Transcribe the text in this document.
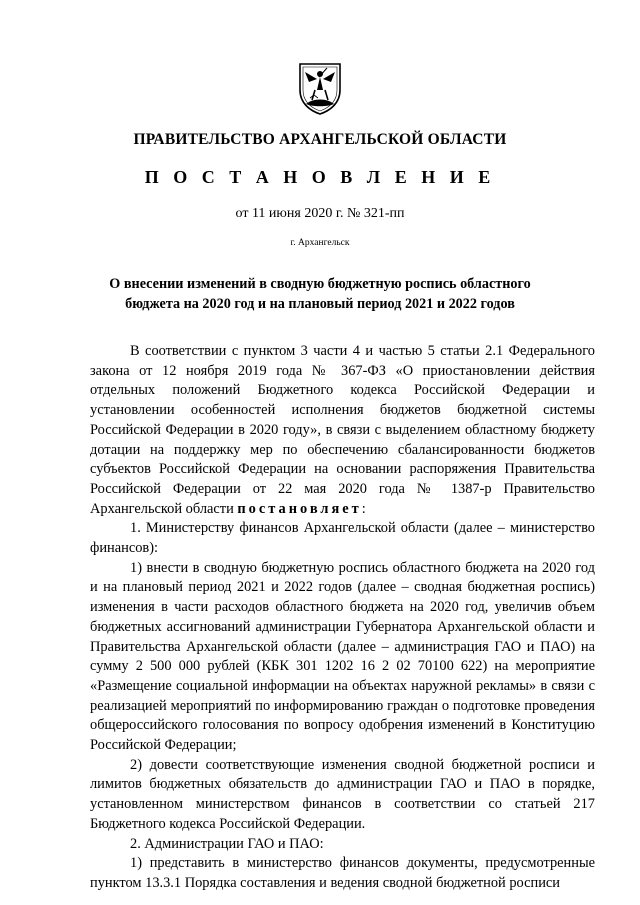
ПРАВИТЕЛЬСТВО АРХАНГЕЛЬСКОЙ ОБЛАСТИ
П О С Т А Н О В Л Е Н И Е
от 11 июня 2020 г. № 321-пп
г. Архангельск
О внесении изменений в сводную бюджетную роспись областного
бюджета на 2020 год и на плановый период 2021 и 2022 годов

В соответствии с пунктом 3 части 4 и частью 5 статьи 2.1 Федерального закона от 12 ноября 2019 года № 367-ФЗ «О приостановлении действия отдельных положений Бюджетного кодекса Российской Федерации и установлении особенностей исполнения бюджетов бюджетной системы Российской Федерации в 2020 году», в связи с выделением областному бюджету дотации на поддержку мер по обеспечению сбалансированности бюджетов субъектов Российской Федерации на основании распоряжения Правительства Российской Федерации от 22 мая 2020 года № 1387-р Правительство Архангельской области постановляет:

1. Министерству финансов Архангельской области (далее – министерство финансов):

1) внести в сводную бюджетную роспись областного бюджета на 2020 год и на плановый период 2021 и 2022 годов (далее – сводная бюджетная роспись) изменения в части расходов областного бюджета на 2020 год, увеличив объем бюджетных ассигнований администрации Губернатора Архангельской области и Правительства Архангельской области (далее – администрация ГАО и ПАО) на сумму 2 500 000 рублей (КБК 301 1202 16 2 02 70100 622) на мероприятие «Размещение социальной информации на объектах наружной рекламы» в связи с реализацией мероприятий по информированию граждан о подготовке проведения общероссийского голосования по вопросу одобрения изменений в Конституцию Российской Федерации;

2) довести соответствующие изменения сводной бюджетной росписи и лимитов бюджетных обязательств до администрации ГАО и ПАО в порядке, установленном министерством финансов в соответствии со статьей 217 Бюджетного кодекса Российской Федерации.

2. Администрации ГАО и ПАО:

1) представить в министерство финансов документы, предусмотренные пунктом 13.3.1 Порядка составления и ведения сводной бюджетной росписи
